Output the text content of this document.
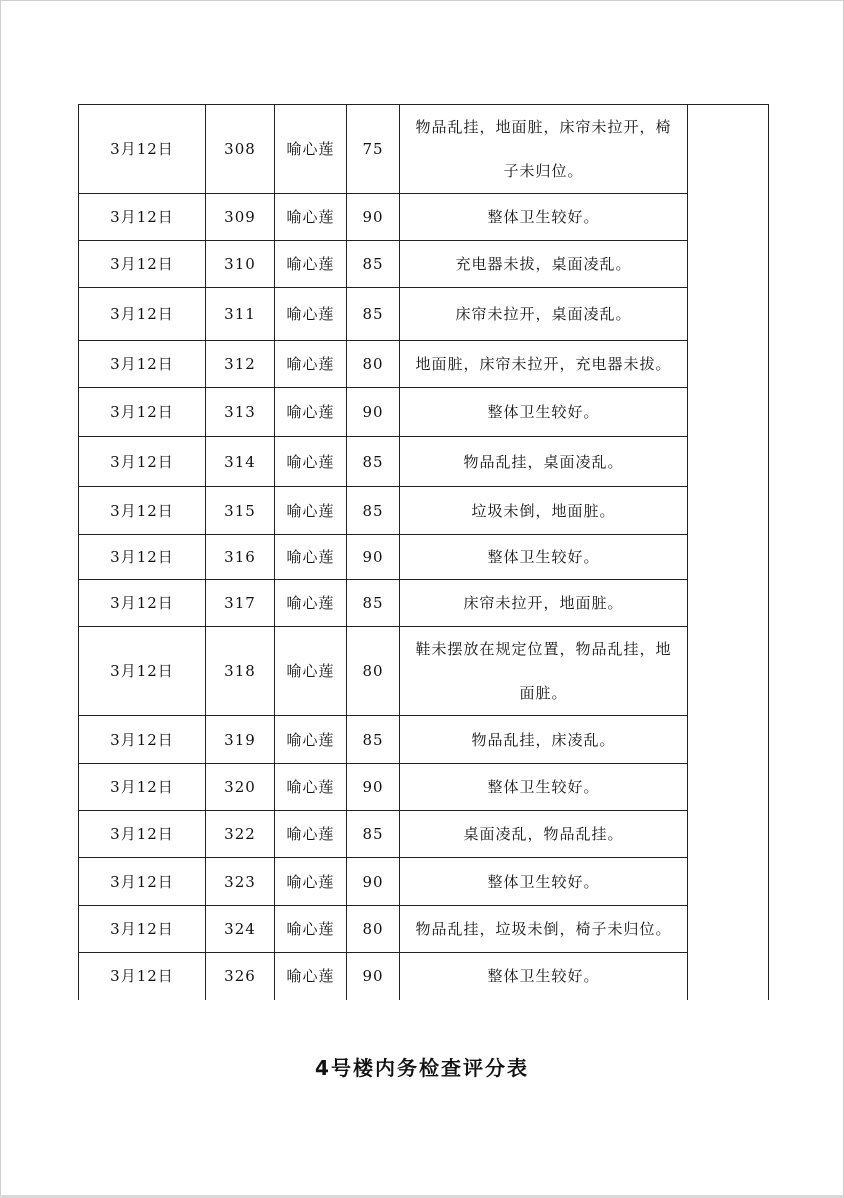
3月12日	308	喻心莲	75	物品乱挂，地面脏，床帘未拉开，椅子未归位。	
3月12日	309	喻心莲	90	整体卫生较好。	
3月12日	310	喻心莲	85	充电器未拔，桌面凌乱。	
3月12日	311	喻心莲	85	床帘未拉开，桌面凌乱。	
3月12日	312	喻心莲	80	地面脏，床帘未拉开，充电器未拔。	
3月12日	313	喻心莲	90	整体卫生较好。	
3月12日	314	喻心莲	85	物品乱挂，桌面凌乱。	
3月12日	315	喻心莲	85	垃圾未倒，地面脏。	
3月12日	316	喻心莲	90	整体卫生较好。	
3月12日	317	喻心莲	85	床帘未拉开，地面脏。	
3月12日	318	喻心莲	80	鞋未摆放在规定位置，物品乱挂，地面脏。	
3月12日	319	喻心莲	85	物品乱挂，床凌乱。	
3月12日	320	喻心莲	90	整体卫生较好。	
3月12日	322	喻心莲	85	桌面凌乱，物品乱挂。	
3月12日	323	喻心莲	90	整体卫生较好。	
3月12日	324	喻心莲	80	物品乱挂，垃圾未倒，椅子未归位。	
3月12日	326	喻心莲	90	整体卫生较好。	
4号楼内务检查评分表
